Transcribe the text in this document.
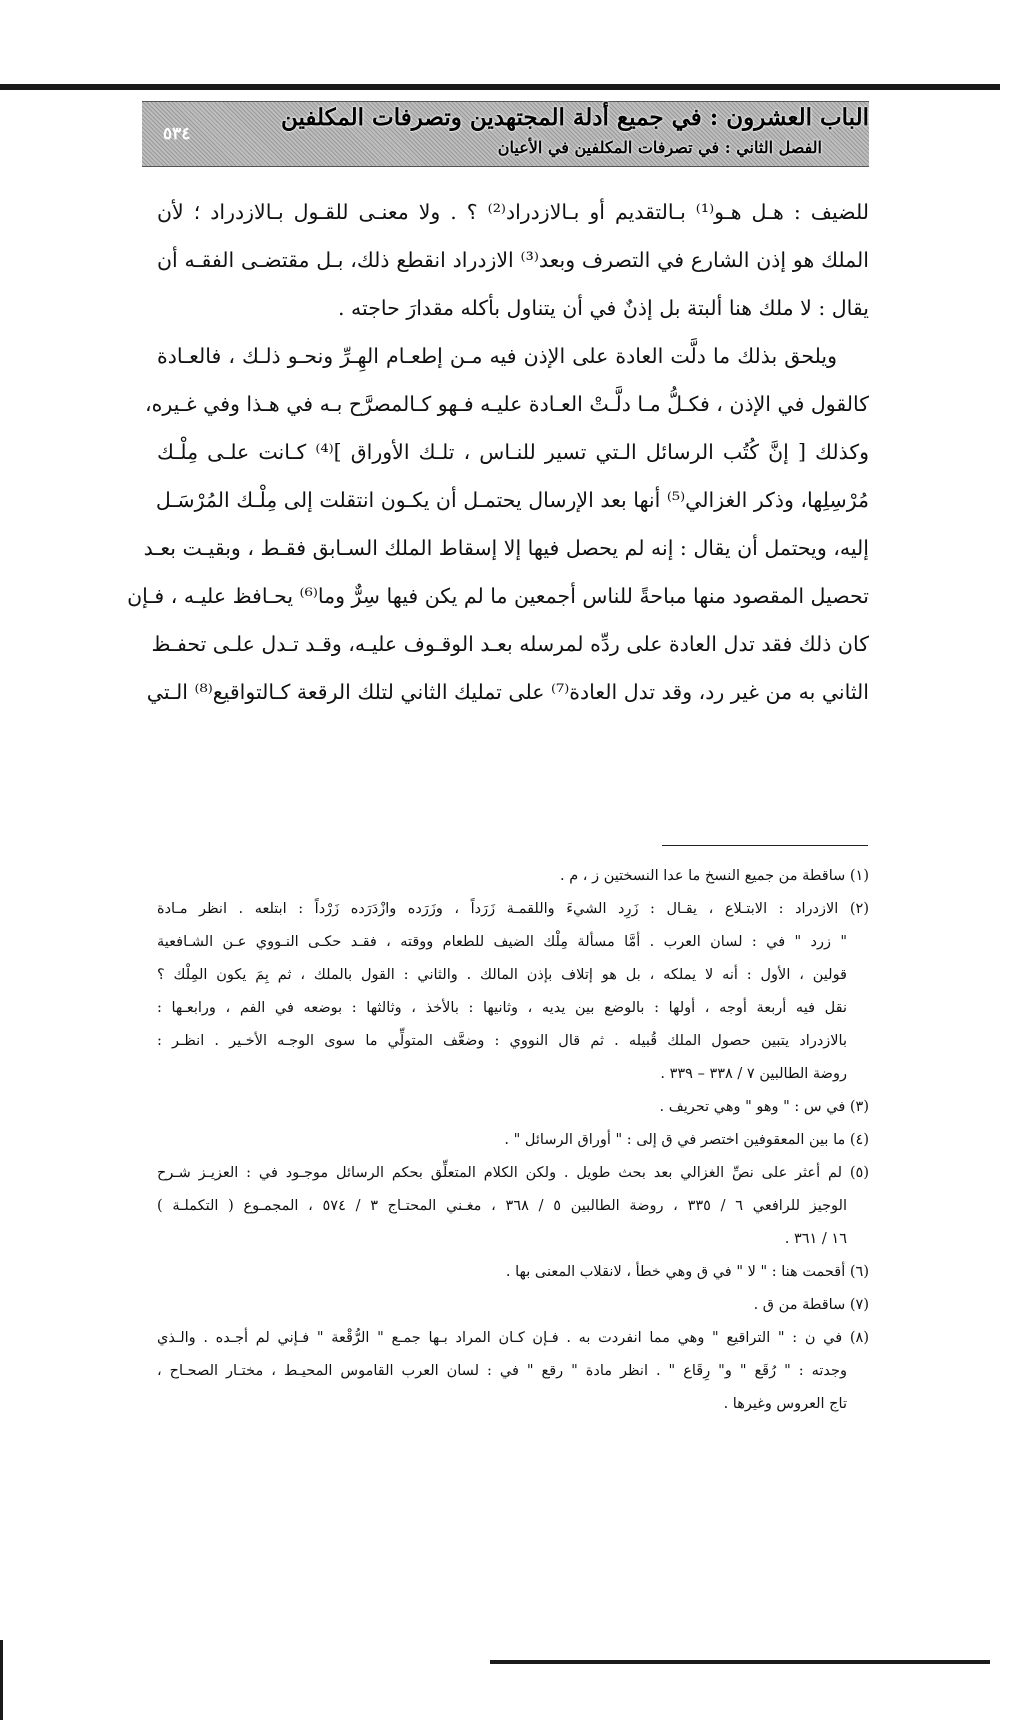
الباب العشرون : في جميع أدلة المجتهدين وتصرفات المكلفين
الفصل الثاني : في تصرفات المكلفين في الأعيان
٥٣٤
للضيف : هـل هـو⁽¹⁾ بـالتقديم أو بـالازدراد⁽²⁾ ؟ . ولا معنـى للقـول بـالازدراد ؛ لأن
الملك هو إذن الشارع في التصرف وبعد⁽³⁾ الازدراد انقطع ذلك، بـل مقتضـى الفقـه أن
يقال : لا ملك هنا ألبتة بل إذنٌ في أن يتناول بأكله مقدارَ حاجته .
ويلحق بذلك ما دلَّت العادة على الإذن فيه مـن إطعـام الهِـرِّ ونحـو ذلـك ، فالعـادة
كالقول في الإذن ، فكـلُّ مـا دلَّـتْ العـادة عليـه فـهو كـالمصرَّح بـه في هـذا وفي غـيره،
وكذلك [ إنَّ كُتُب الرسائل الـتي تسير للنـاس ، تلـك الأوراق ]⁽⁴⁾ كـانت علـى مِلْـك
مُرْسِلِها، وذكر الغزالي⁽⁵⁾ أنها بعد الإرسال يحتمـل أن يكـون انتقلت إلى مِلْـك المُرْسَـل
إليه، ويحتمل أن يقال : إنه لم يحصل فيها إلا إسقاط الملك السـابق فقـط ، وبقيـت بعـد
تحصيل المقصود منها مباحةً للناس أجمعين ما لم يكن فيها سِرٌّ وما⁽⁶⁾ يحـافظ عليـه ، فـإن
كان ذلك فقد تدل العادة على ردِّه لمرسله بعـد الوقـوف عليـه، وقـد تـدل علـى تحفـظ
الثاني به من غير رد، وقد تدل العادة⁽⁷⁾ على تمليك الثاني لتلك الرقعة كـالتواقيع⁽⁸⁾ الـتي
(١) ساقطة من جميع النسخ ما عدا النسختين ز ، م .
(٢) الازدراد : الابتـلاع ، يقـال : زَرِد الشيءَ واللقمـة زَرَداً ، وزَرَده وازْدَرَده زَرْداً : ابتلعه . انظر مـادة
" زرد " في : لسان العرب . أمَّا مسألة مِلْك الضيف للطعام ووقته ، فقـد حكـى النـووي عـن الشـافعية
قولين ، الأول : أنه لا يملكه ، بل هو إتلاف بإذن المالك . والثاني : القول بالملك ، ثم بِمَ يكون المِلْك ؟
نقل فيه أربعة أوجه ، أولها : بالوضع بين يديه ، وثانيها : بالأخذ ، وثالثها : بوضعه في الفم ، ورابعـها :
بالازدراد يتبين حصول الملك قُبيله . ثم قال النووي : وضعَّف المتولِّي ما سوى الوجـه الأخـير . انظـر :
روضة الطالبين ٧ / ٣٣٨ – ٣٣٩ .
(٣) في س : " وهو " وهي تحريف .
(٤) ما بين المعقوفين اختصر في ق إلى : " أوراق الرسائل " .
(٥) لم أعثر على نصِّ الغزالي بعد بحث طويل . ولكن الكلام المتعلِّق بحكم الرسائل موجـود في : العزيـز شـرح
الوجيز للرافعي ٦ / ٣٣٥ ، روضة الطالبين ٥ / ٣٦٨ ، مغـني المحتـاج ٣ / ٥٧٤ ، المجمـوع ( التكملـة )
١٦ / ٣٦١ .
(٦) أقحمت هنا : " لا " في ق وهي خطأ ، لانقلاب المعنى بها .
(٧) ساقطة من ق .
(٨) في ن : " التراقيع " وهي مما انفردت به . فـإن كـان المراد بـها جمـع " الرُّقْعة " فـإني لم أجـده . والـذي
وجدته : " رُقَع " و" رِقَاع " . انظر مادة " رقع " في : لسان العرب القاموس المحيـط ، مختـار الصحـاح ،
تاج العروس وغيرها .
